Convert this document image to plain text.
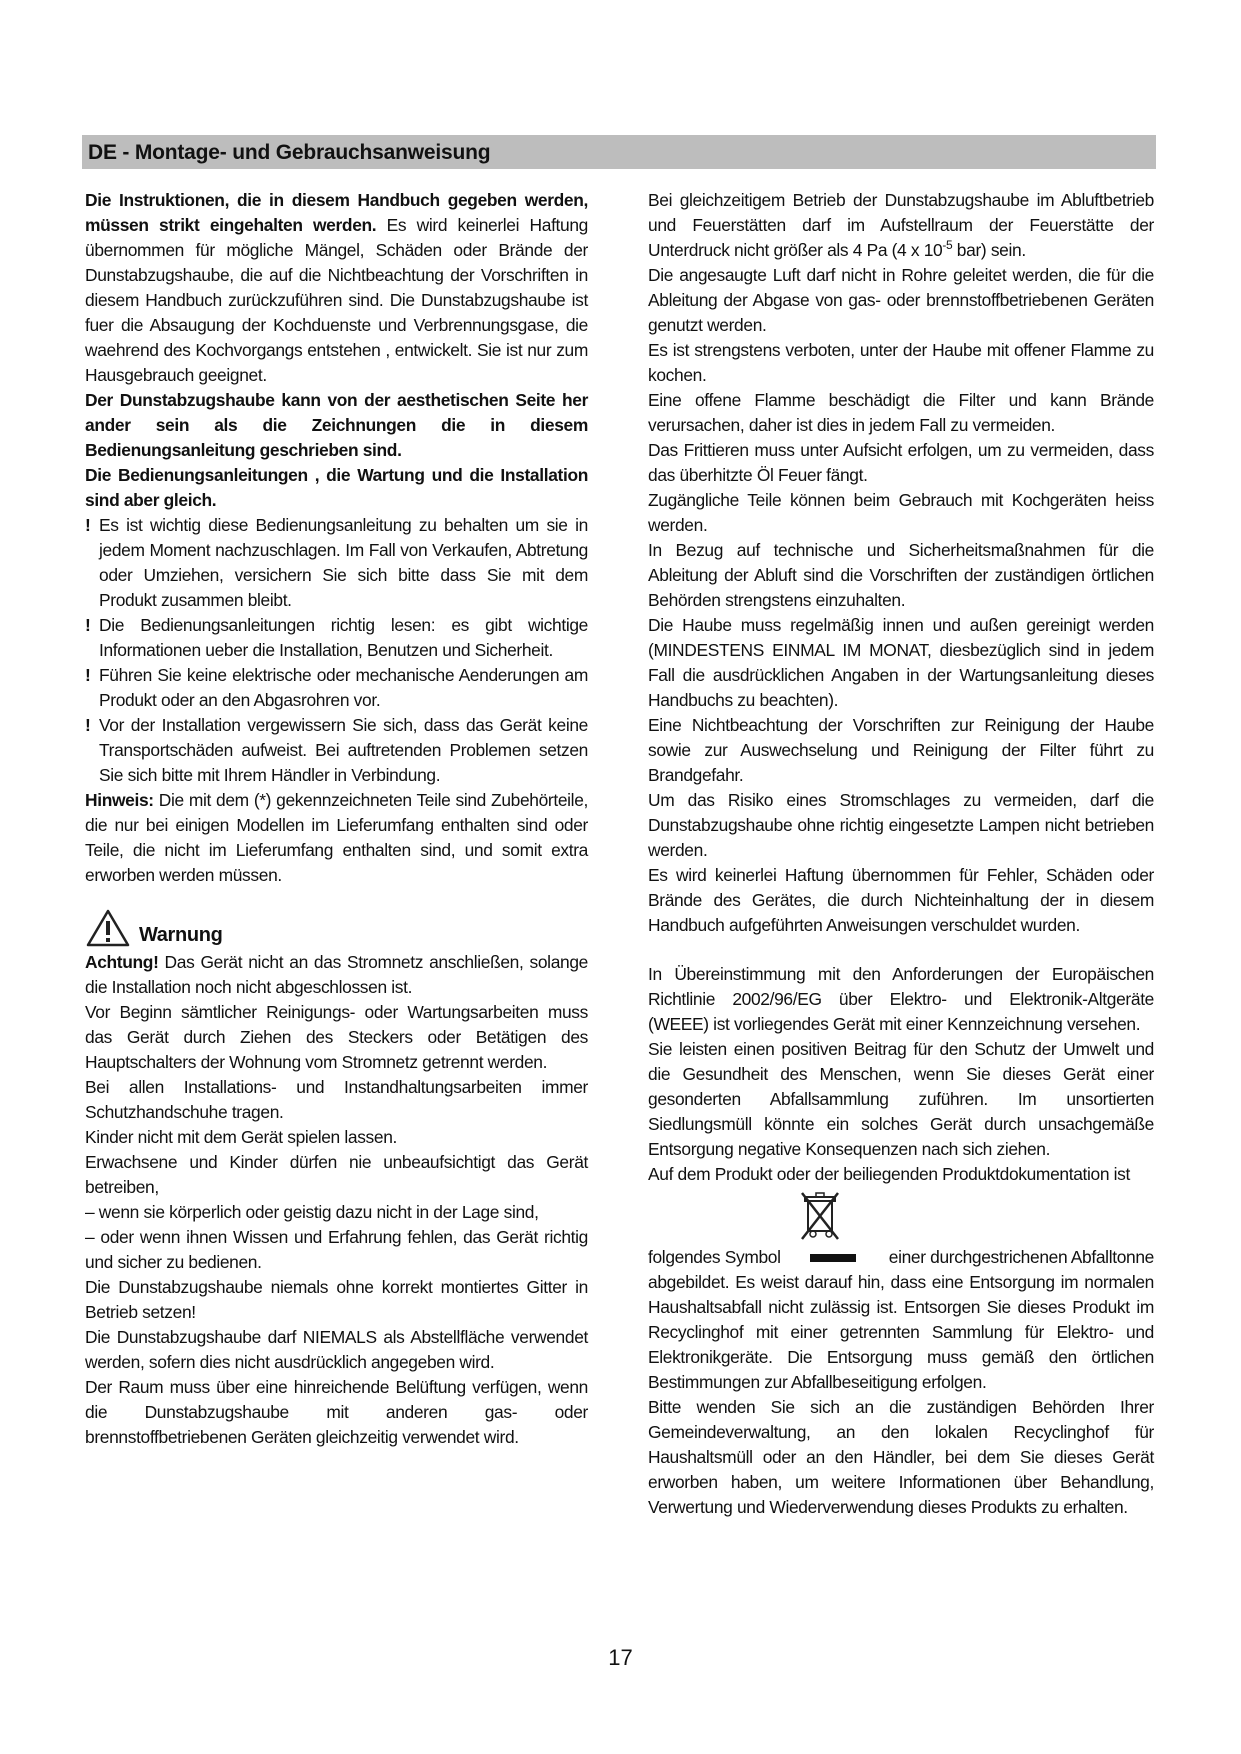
DE - Montage- und Gebrauchsanweisung

Die Instruktionen, die in diesem Handbuch gegeben werden, müssen strikt eingehalten werden. Es wird keinerlei Haftung übernommen für mögliche Mängel, Schäden oder Brände der Dunstabzugshaube, die auf die Nichtbeachtung der Vorschriften in diesem Handbuch zurückzuführen sind. Die Dunstabzugshaube ist fuer die Absaugung der Kochduenste und Verbrennungsgase, die waehrend des Kochvorgangs entstehen , entwickelt. Sie ist nur zum Hausgebrauch geeignet.

Der Dunstabzugshaube kann von der aesthetischen Seite her ander sein als die Zeichnungen die in diesem Bedienungsanleitung geschrieben sind.

Die Bedienungsanleitungen , die Wartung und die Installation sind aber gleich.

! Es ist wichtig diese Bedienungsanleitung zu behalten um sie in jedem Moment nachzuschlagen. Im Fall von Verkaufen, Abtretung oder Umziehen, versichern Sie sich bitte dass Sie mit dem Produkt zusammen bleibt.
! Die Bedienungsanleitungen richtig lesen: es gibt wichtige Informationen ueber die Installation, Benutzen und Sicherheit.
! Führen Sie keine elektrische oder mechanische Aenderungen am Produkt oder an den Abgasrohren vor.
! Vor der Installation vergewissern Sie sich, dass das Gerät keine Transportschäden aufweist. Bei auftretenden Problemen setzen Sie sich bitte mit Ihrem Händler in Verbindung.

Hinweis: Die mit dem (*) gekennzeichneten Teile sind Zubehörteile, die nur bei einigen Modellen im Lieferumfang enthalten sind oder Teile, die nicht im Lieferumfang enthalten sind, und somit extra erworben werden müssen.

Warnung

Achtung! Das Gerät nicht an das Stromnetz anschließen, solange die Installation noch nicht abgeschlossen ist.

Vor Beginn sämtlicher Reinigungs- oder Wartungsarbeiten muss das Gerät durch Ziehen des Steckers oder Betätigen des Hauptschalters der Wohnung vom Stromnetz getrennt werden.

Bei allen Installations- und Instandhaltungsarbeiten immer Schutzhandschuhe tragen.

Kinder nicht mit dem Gerät spielen lassen.

Erwachsene und Kinder dürfen nie unbeaufsichtigt das Gerät betreiben,

– wenn sie körperlich oder geistig dazu nicht in der Lage sind,

– oder wenn ihnen Wissen und Erfahrung fehlen, das Gerät richtig und sicher zu bedienen.

Die Dunstabzugshaube niemals ohne korrekt montiertes Gitter in Betrieb setzen!

Die Dunstabzugshaube darf NIEMALS als Abstellfläche verwendet werden, sofern dies nicht ausdrücklich angegeben wird.

Der Raum muss über eine hinreichende Belüftung verfügen, wenn die Dunstabzugshaube mit anderen gas- oder brennstoffbetriebenen Geräten gleichzeitig verwendet wird.

Bei gleichzeitigem Betrieb der Dunstabzugshaube im Abluftbetrieb und Feuerstätten darf im Aufstellraum der Feuerstätte der Unterdruck nicht größer als 4 Pa (4 x $10^{-5}$ bar) sein.

Die angesaugte Luft darf nicht in Rohre geleitet werden, die für die Ableitung der Abgase von gas- oder brennstoffbetriebenen Geräten genutzt werden.

Es ist strengstens verboten, unter der Haube mit offener Flamme zu kochen.

Eine offene Flamme beschädigt die Filter und kann Brände verursachen, daher ist dies in jedem Fall zu vermeiden.

Das Frittieren muss unter Aufsicht erfolgen, um zu vermeiden, dass das überhitzte Öl Feuer fängt.

Zugängliche Teile können beim Gebrauch mit Kochgeräten heiss werden.

In Bezug auf technische und Sicherheitsmaßnahmen für die Ableitung der Abluft sind die Vorschriften der zuständigen örtlichen Behörden strengstens einzuhalten.

Die Haube muss regelmäßig innen und außen gereinigt werden (MINDESTENS EINMAL IM MONAT, diesbezüglich sind in jedem Fall die ausdrücklichen Angaben in der Wartungsanleitung dieses Handbuchs zu beachten).

Eine Nichtbeachtung der Vorschriften zur Reinigung der Haube sowie zur Auswechselung und Reinigung der Filter führt zu Brandgefahr.

Um das Risiko eines Stromschlages zu vermeiden, darf die Dunstabzugshaube ohne richtig eingesetzte Lampen nicht betrieben werden.

Es wird keinerlei Haftung übernommen für Fehler, Schäden oder Brände des Gerätes, die durch Nichteinhaltung der in diesem Handbuch aufgeführten Anweisungen verschuldet wurden.

In Übereinstimmung mit den Anforderungen der Europäischen Richtlinie 2002/96/EG über Elektro- und Elektronik-Altgeräte (WEEE) ist vorliegendes Gerät mit einer Kennzeichnung versehen.

Sie leisten einen positiven Beitrag für den Schutz der Umwelt und die Gesundheit des Menschen, wenn Sie dieses Gerät einer gesonderten Abfallsammlung zuführen. Im unsortierten Siedlungsmüll könnte ein solches Gerät durch unsachgemäße Entsorgung negative Konsequenzen nach sich ziehen.

Auf dem Produkt oder der beiliegenden Produktdokumentation ist

folgendes Symbol	einer durchgestrichenen Abfalltonne

abgebildet. Es weist darauf hin, dass eine Entsorgung im normalen Haushaltsabfall nicht zulässig ist. Entsorgen Sie dieses Produkt im Recyclinghof mit einer getrennten Sammlung für Elektro- und Elektronikgeräte. Die Entsorgung muss gemäß den örtlichen Bestimmungen zur Abfallbeseitigung erfolgen.

Bitte wenden Sie sich an die zuständigen Behörden Ihrer Gemeindeverwaltung, an den lokalen Recyclinghof für Haushaltsmüll oder an den Händler, bei dem Sie dieses Gerät erworben haben, um weitere Informationen über Behandlung, Verwertung und Wiederverwendung dieses Produkts zu erhalten.

17
